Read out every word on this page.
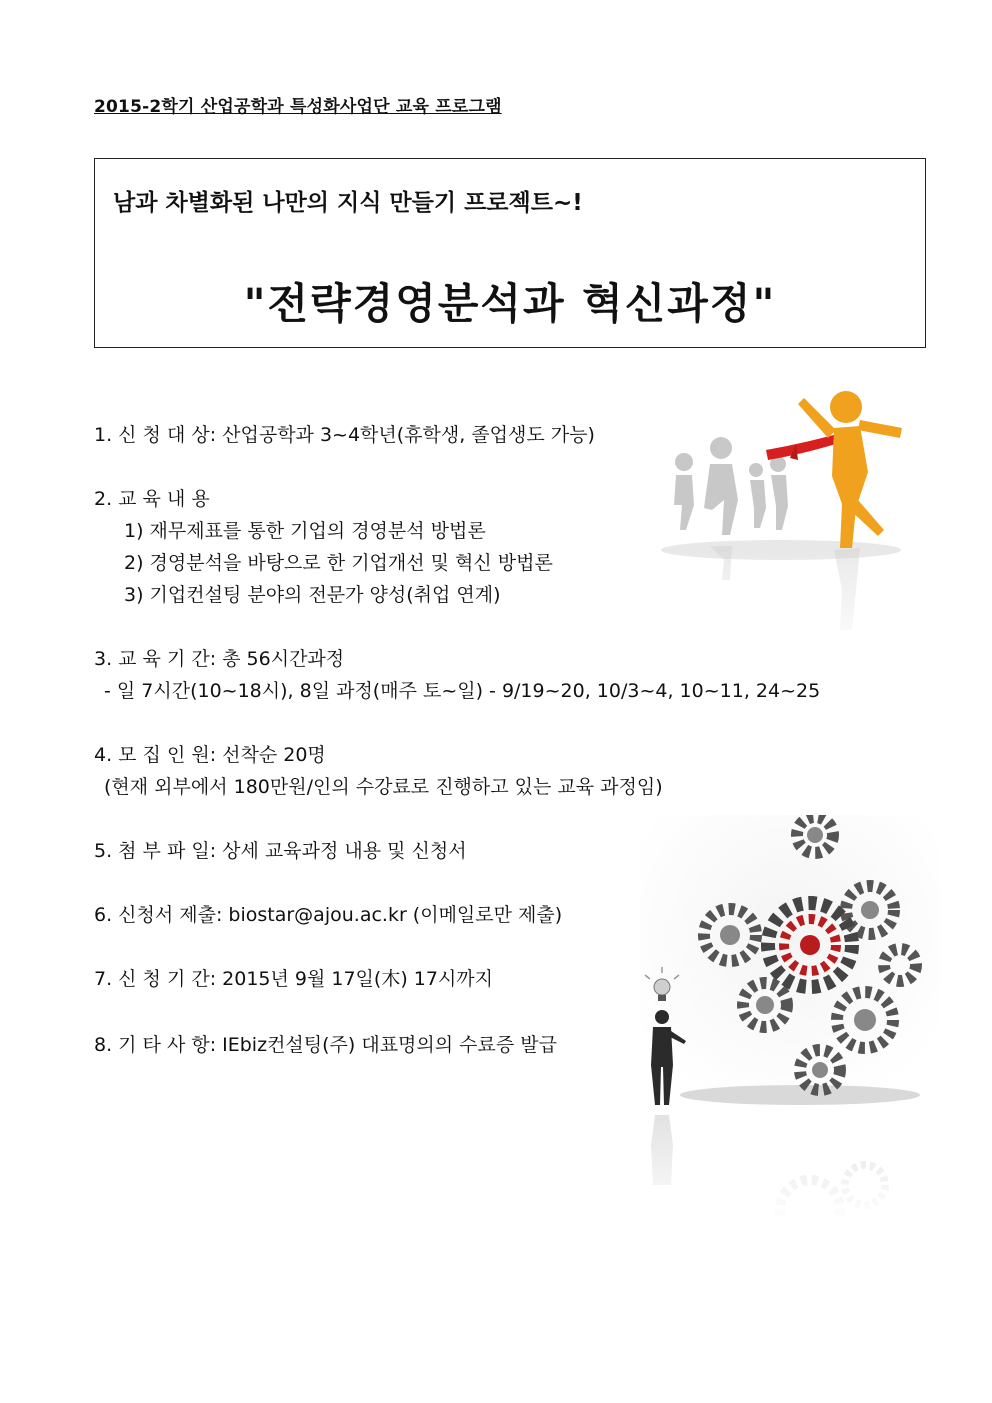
2015-2학기 산업공학과 특성화사업단 교육 프로그램
남과 차별화된 나만의 지식 만들기 프로젝트~!
"전략경영분석과 혁신과정"
1. 신 청 대 상: 산업공학과 3~4학년(휴학생, 졸업생도 가능)
2. 교 육 내 용
1) 재무제표를 통한 기업의 경영분석 방법론
2) 경영분석을 바탕으로 한 기업개선 및 혁신 방법론
3) 기업컨설팅 분야의 전문가 양성(취업 연계)
3. 교 육 기 간: 총 56시간과정
- 일 7시간(10~18시), 8일 과정(매주 토~일) - 9/19~20, 10/3~4, 10~11, 24~25
4. 모 집 인 원: 선착순 20명
(현재 외부에서 180만원/인의 수강료로 진행하고 있는 교육 과정임)
5. 첨 부 파 일: 상세 교육과정 내용 및 신청서
6. 신청서 제출: biostar@ajou.ac.kr (이메일로만 제출)
7. 신 청 기 간: 2015년 9월 17일(木) 17시까지
8. 기 타 사 항: IEbiz컨설팅(주) 대표명의의 수료증 발급
